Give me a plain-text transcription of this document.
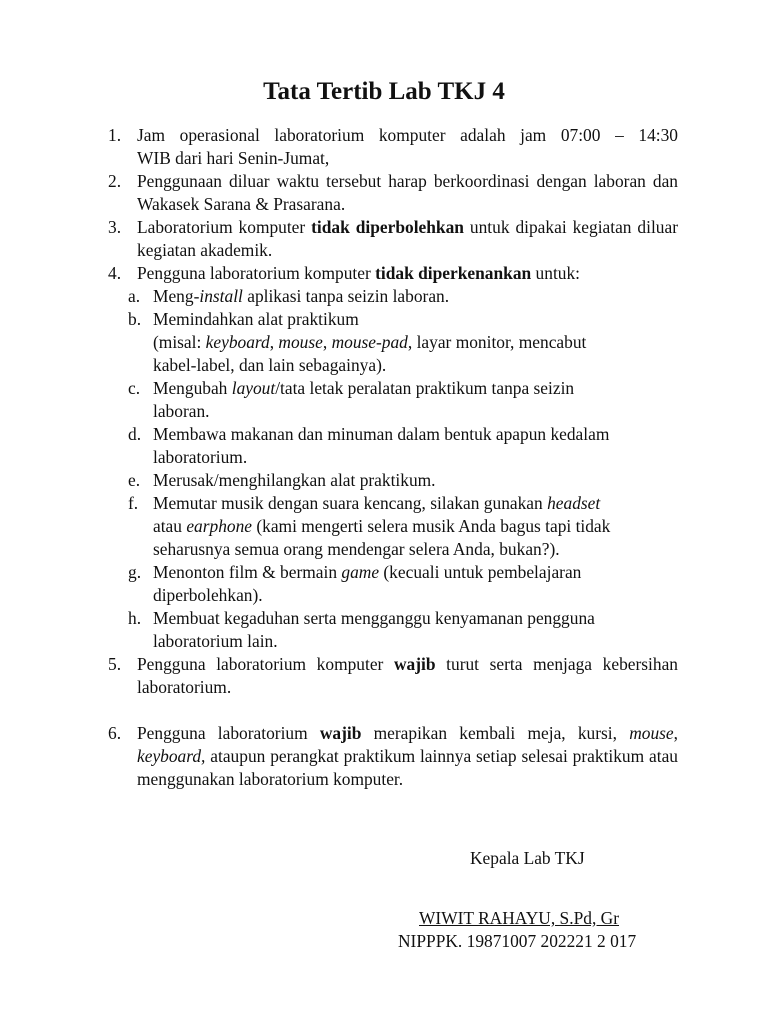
Tata Tertib Lab TKJ 4
1. Jam operasional laboratorium komputer adalah jam 07:00 – 14:30
WIB dari hari Senin-Jumat,
2. Penggunaan diluar waktu tersebut harap berkoordinasi dengan laboran dan Wakasek Sarana & Prasarana.
3. Laboratorium komputer tidak diperbolehkan untuk dipakai kegiatan diluar kegiatan akademik.
4. Pengguna laboratorium komputer tidak diperkenankan untuk:
a. Meng-install aplikasi tanpa seizin laboran.
b. Memindahkan alat praktikum
(misal: keyboard, mouse, mouse-pad, layar monitor, mencabut kabel-label, dan lain sebagainya).
c. Mengubah layout/tata letak peralatan praktikum tanpa seizin laboran.
d. Membawa makanan dan minuman dalam bentuk apapun kedalam laboratorium.
e. Merusak/menghilangkan alat praktikum.
f. Memutar musik dengan suara kencang, silakan gunakan headset atau earphone (kami mengerti selera musik Anda bagus tapi tidak seharusnya semua orang mendengar selera Anda, bukan?).
g. Menonton film & bermain game (kecuali untuk pembelajaran diperbolehkan).
h. Membuat kegaduhan serta mengganggu kenyamanan pengguna laboratorium lain.
5. Pengguna laboratorium komputer wajib turut serta menjaga kebersihan laboratorium.
6. Pengguna laboratorium wajib merapikan kembali meja, kursi, mouse, keyboard, ataupun perangkat praktikum lainnya setiap selesai praktikum atau menggunakan laboratorium komputer.
Kepala Lab TKJ
WIWIT RAHAYU, S.Pd, Gr
NIPPPK. 19871007 202221 2 017
